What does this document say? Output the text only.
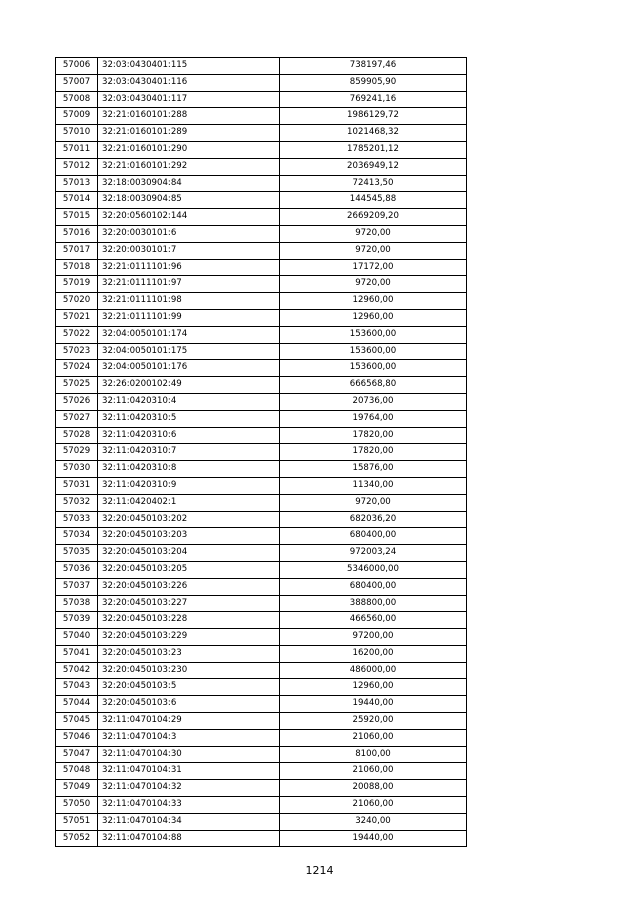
57006	32:03:0430401:115	738197,46
57007	32:03:0430401:116	859905,90
57008	32:03:0430401:117	769241,16
57009	32:21:0160101:288	1986129,72
57010	32:21:0160101:289	1021468,32
57011	32:21:0160101:290	1785201,12
57012	32:21:0160101:292	2036949,12
57013	32:18:0030904:84	72413,50
57014	32:18:0030904:85	144545,88
57015	32:20:0560102:144	2669209,20
57016	32:20:0030101:6	9720,00
57017	32:20:0030101:7	9720,00
57018	32:21:0111101:96	17172,00
57019	32:21:0111101:97	9720,00
57020	32:21:0111101:98	12960,00
57021	32:21:0111101:99	12960,00
57022	32:04:0050101:174	153600,00
57023	32:04:0050101:175	153600,00
57024	32:04:0050101:176	153600,00
57025	32:26:0200102:49	666568,80
57026	32:11:0420310:4	20736,00
57027	32:11:0420310:5	19764,00
57028	32:11:0420310:6	17820,00
57029	32:11:0420310:7	17820,00
57030	32:11:0420310:8	15876,00
57031	32:11:0420310:9	11340,00
57032	32:11:0420402:1	9720,00
57033	32:20:0450103:202	682036,20
57034	32:20:0450103:203	680400,00
57035	32:20:0450103:204	972003,24
57036	32:20:0450103:205	5346000,00
57037	32:20:0450103:226	680400,00
57038	32:20:0450103:227	388800,00
57039	32:20:0450103:228	466560,00
57040	32:20:0450103:229	97200,00
57041	32:20:0450103:23	16200,00
57042	32:20:0450103:230	486000,00
57043	32:20:0450103:5	12960,00
57044	32:20:0450103:6	19440,00
57045	32:11:0470104:29	25920,00
57046	32:11:0470104:3	21060,00
57047	32:11:0470104:30	8100,00
57048	32:11:0470104:31	21060,00
57049	32:11:0470104:32	20088,00
57050	32:11:0470104:33	21060,00
57051	32:11:0470104:34	3240,00
57052	32:11:0470104:88	19440,00
1214
